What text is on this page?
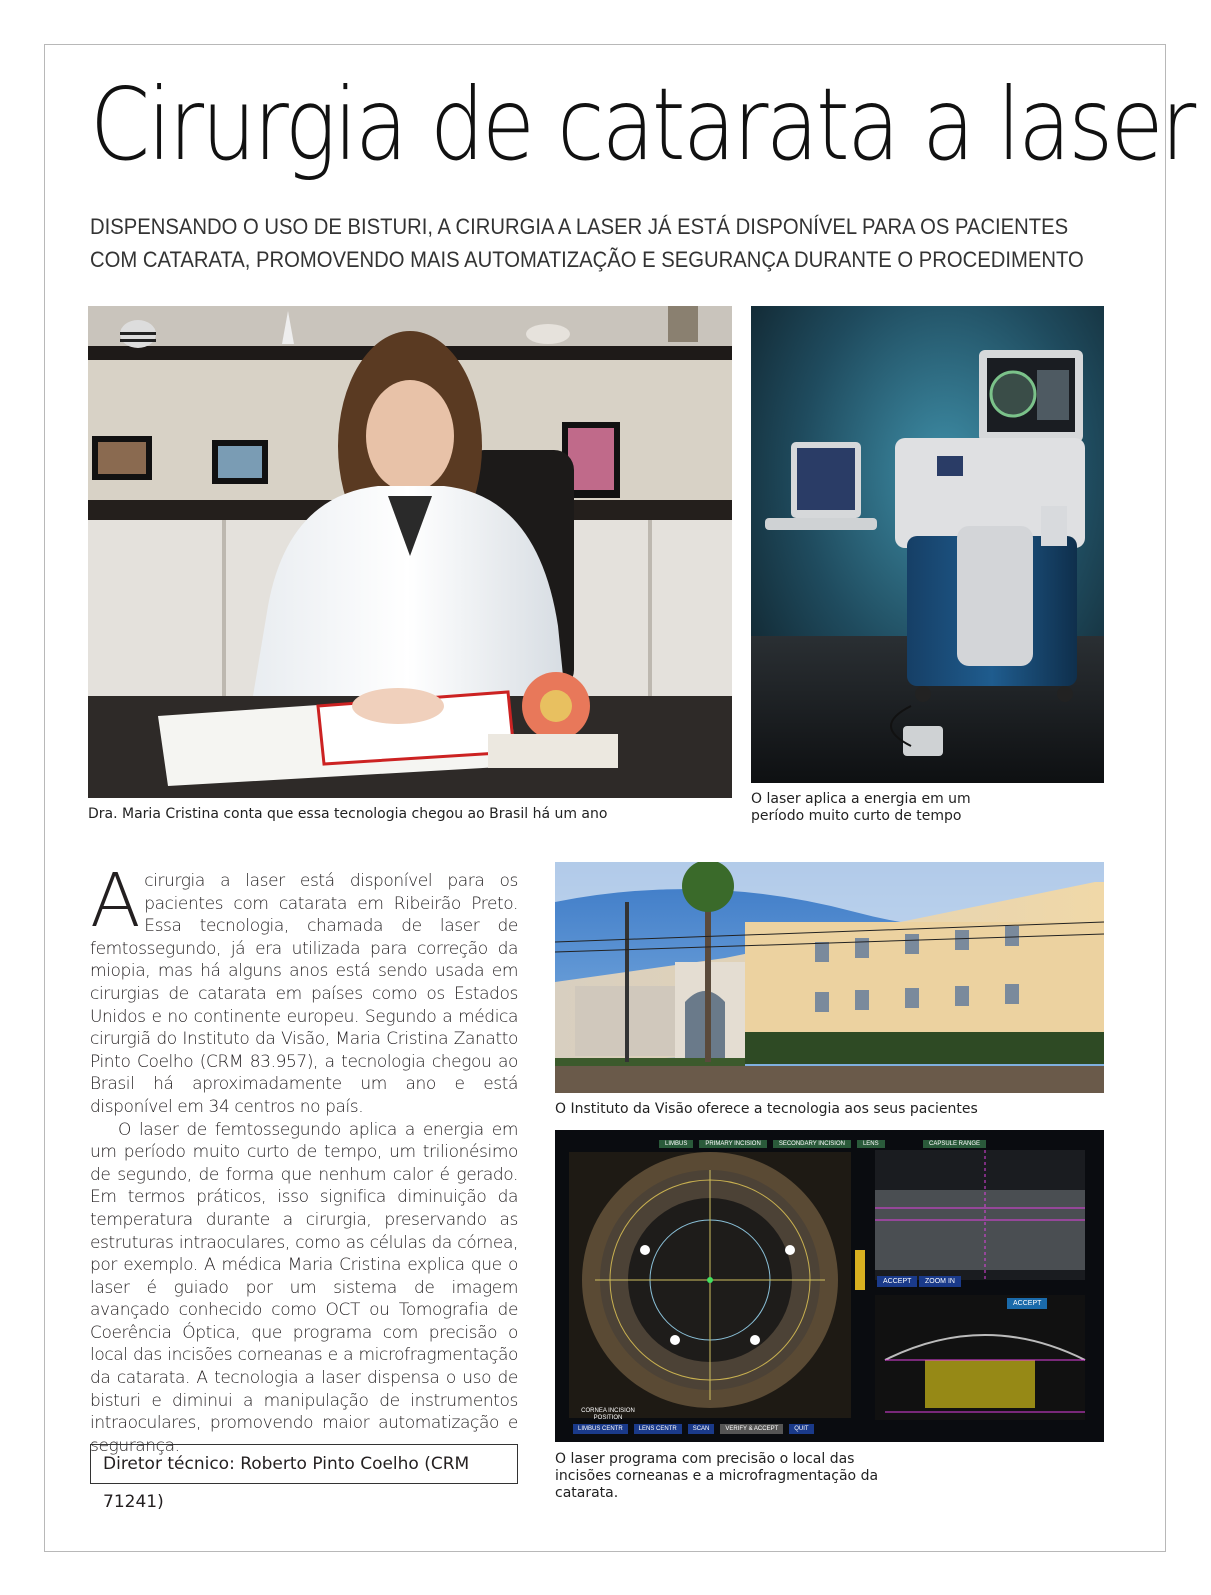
Cirurgia de catarata a laser
DISPENSANDO O USO DE BISTURI, A CIRURGIA A LASER JÁ ESTÁ DISPONÍVEL PARA OS PACIENTES
COM CATARATA, PROMOVENDO MAIS AUTOMATIZAÇÃO E SEGURANÇA DURANTE O PROCEDIMENTO
Dra. Maria Cristina conta que essa tecnologia chegou ao Brasil há um ano
O laser aplica a energia em um período muito curto de tempo

Acirurgia a laser está disponível para os pacientes com catarata em Ribeirão Preto. Essa tecnologia, chamada de laser de femtossegundo, já era utilizada para correção da miopia, mas há alguns anos está sendo usada em cirurgias de catarata em países como os Estados Unidos e no continente europeu. Segundo a médica cirurgiã do Instituto da Visão, Maria Cristina Zanatto Pinto Coelho (CRM 83.957), a tecnologia chegou ao Brasil há aproximadamente um ano e está disponível em 34 centros no país.

O laser de femtossegundo aplica a energia em um período muito curto de tempo, um trilionésimo de segundo, de forma que nenhum calor é gerado. Em termos práticos, isso significa diminuição da temperatura durante a cirurgia, preservando as estruturas intraoculares, como as células da córnea, por exemplo. A médica Maria Cristina explica que o laser é guiado por um sistema de imagem avançado conhecido como OCT ou Tomografia de Coerência Óptica, que programa com precisão o local das incisões corneanas e a microfragmentação da catarata. A tecnologia a laser dispensa o uso de bisturi e diminui a manipulação de instrumentos intraoculares, promovendo maior automatização e segurança.

Diretor técnico: Roberto Pinto Coelho (CRM 71241)
O Instituto da Visão oferece a tecnologia aos seus pacientes
LIMBUS	PRIMARY INCISION	SECONDARY INCISION	LENS	CAPSULE RANGE
ACCEPT	ZOOM IN
ACCEPT
CORNEA INCISION POSITION
LIMBUS CENTR	LENS CENTR	SCAN	VERIFY & ACCEPT	QUIT
O laser programa com precisão o local das incisões corneanas e a microfragmentação da catarata.
